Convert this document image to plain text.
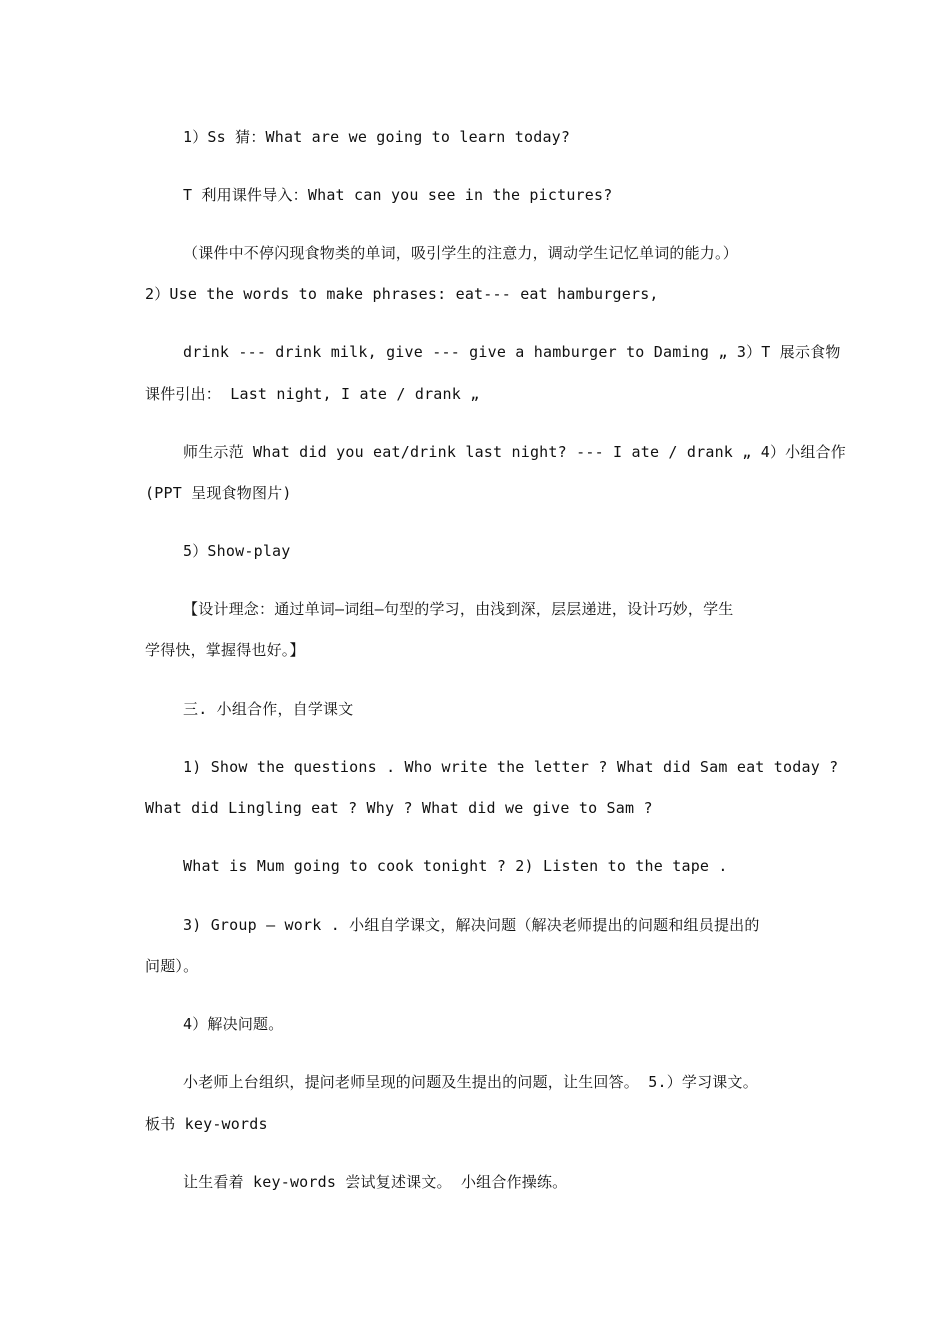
1）Ss 猜：What are we going to learn today?
T 利用课件导入：What can you see in the pictures?
（课件中不停闪现食物类的单词，吸引学生的注意力，调动学生记忆单词的能力。）
2）Use the words to make phrases: eat--- eat hamburgers,
drink --- drink milk, give --- give a hamburger to Daming „ 3）T 展示食物
课件引出： Last night, I ate / drank „
师生示范 What did you eat/drink last night? --- I ate / drank „ 4）小组合作
(PPT 呈现食物图片)
5）Show-play
【设计理念：通过单词—词组—句型的学习，由浅到深，层层递进，设计巧妙，学生
学得快，掌握得也好。】
三. 小组合作，自学课文
1) Show the questions . Who write the letter ? What did Sam eat today ?
What did Lingling eat ? Why ? What did we give to Sam ?
What is Mum going to cook tonight ? 2) Listen to the tape .
3) Group – work . 小组自学课文，解决问题（解决老师提出的问题和组员提出的
问题）。
4）解决问题。
小老师上台组织，提问老师呈现的问题及生提出的问题，让生回答。 5.）学习课文。
板书 key-words
让生看着 key-words 尝试复述课文。 小组合作操练。
